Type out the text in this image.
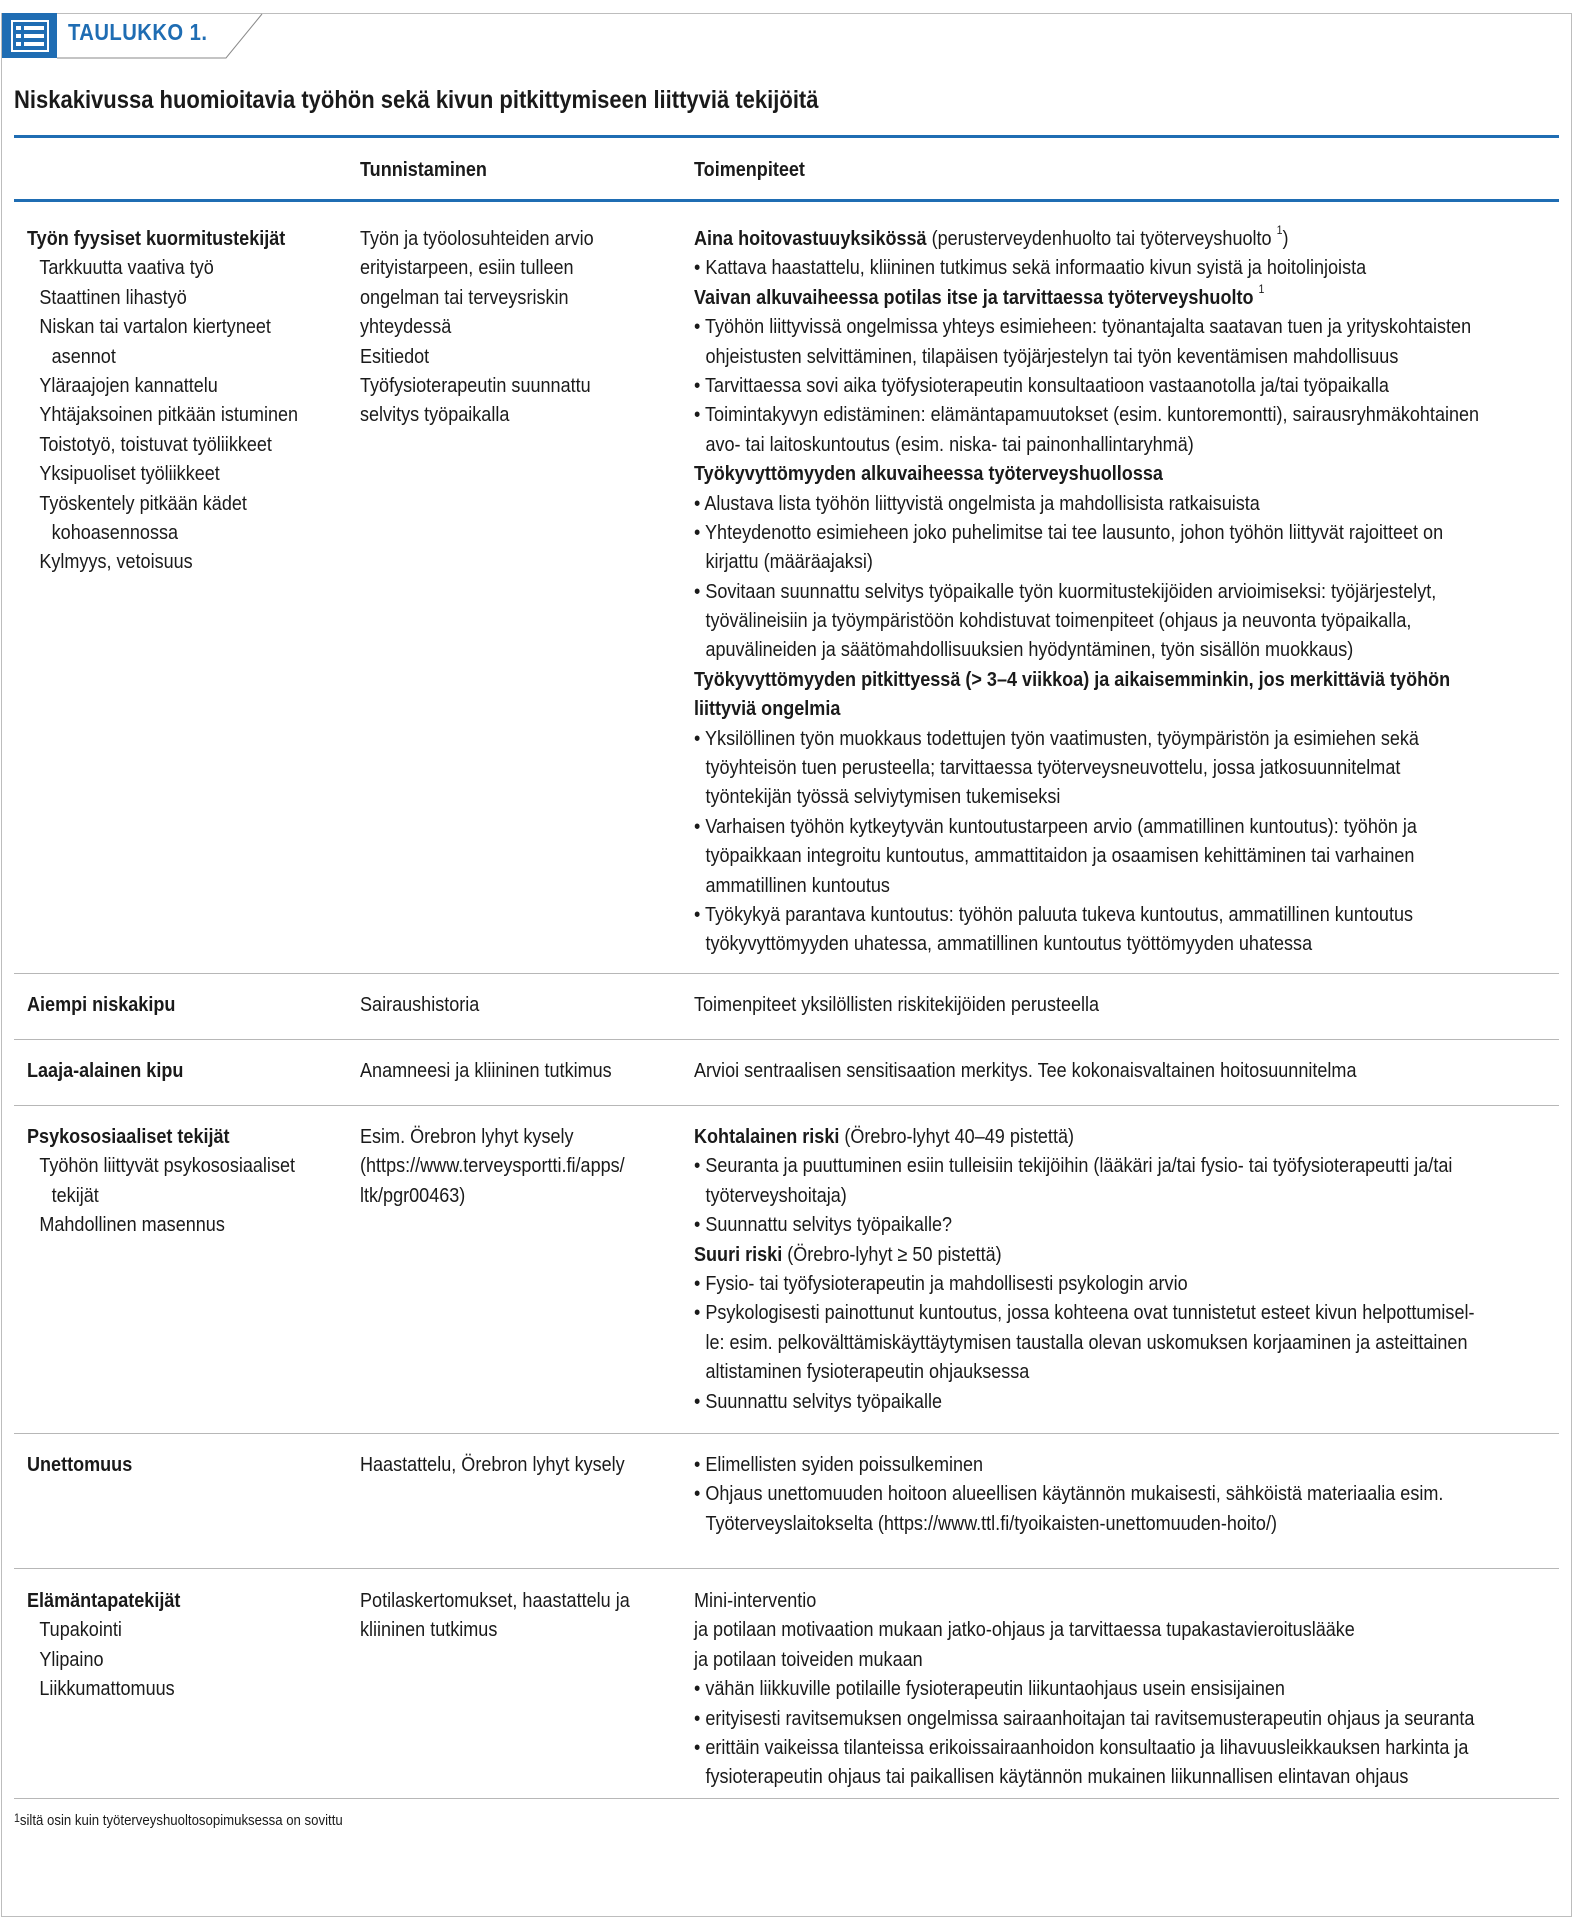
TAULUKKO 1.
Niskakivussa huomioitavia työhön sekä kivun pitkittymiseen liittyviä tekijöitä
Tunnistaminen	Toimenpiteet
Työn fyysiset kuormitustekijät
Tarkkuutta vaativa työ
Staattinen lihastyö
Niskan tai vartalon kiertyneet
asennot
Yläraajojen kannattelu
Yhtäjaksoinen pitkään istuminen
Toistotyö, toistuvat työliikkeet
Yksipuoliset työliikkeet
Työskentely pitkään kädet
kohoasennossa
Kylmyys, vetoisuus
Työn ja työolosuhteiden arvio
erityistarpeen, esiin tulleen
ongelman tai terveysriskin
yhteydessä
Esitiedot
Työfysioterapeutin suunnattu
selvitys työpaikalla
Aina hoitovastuuyksikössä (perusterveydenhuolto tai työterveyshuolto $^1$)
• Kattava haastattelu, kliininen tutkimus sekä informaatio kivun syistä ja hoitolinjoista
Vaivan alkuvaiheessa potilas itse ja tarvittaessa työterveyshuolto $^1$
• Työhön liittyvissä ongelmissa yhteys esimieheen: työnantajalta saatavan tuen ja yrityskohtaisten
ohjeistusten selvittäminen, tilapäisen työjärjestelyn tai työn keventämisen mahdollisuus
• Tarvittaessa sovi aika työfysioterapeutin konsultaatioon vastaanotolla ja/tai työpaikalla
• Toimintakyvyn edistäminen: elämäntapamuutokset (esim. kuntoremontti), sairausryhmäkohtainen
avo- tai laitoskuntoutus (esim. niska- tai painonhallintaryhmä)
Työkyvyttömyyden alkuvaiheessa työterveyshuollossa
• Alustava lista työhön liittyvistä ongelmista ja mahdollisista ratkaisuista
• Yhteydenotto esimieheen joko puhelimitse tai tee lausunto, johon työhön liittyvät rajoitteet on
kirjattu (määräajaksi)
• Sovitaan suunnattu selvitys työpaikalle työn kuormitustekijöiden arvioimiseksi: työjärjestelyt,
työvälineisiin ja työympäristöön kohdistuvat toimenpiteet (ohjaus ja neuvonta työpaikalla,
apuvälineiden ja säätömahdollisuuksien hyödyntäminen, työn sisällön muokkaus)
Työkyvyttömyyden pitkittyessä (> 3–4 viikkoa) ja aikaisemminkin, jos merkittäviä työhön
liittyviä ongelmia
• Yksilöllinen työn muokkaus todettujen työn vaatimusten, työympäristön ja esimiehen sekä
työyhteisön tuen perusteella; tarvittaessa työterveysneuvottelu, jossa jatkosuunnitelmat
työntekijän työssä selviytymisen tukemiseksi
• Varhaisen työhön kytkeytyvän kuntoutustarpeen arvio (ammatillinen kuntoutus): työhön ja
työpaikkaan integroitu kuntoutus, ammattitaidon ja osaamisen kehittäminen tai varhainen
ammatillinen kuntoutus
• Työkykyä parantava kuntoutus: työhön paluuta tukeva kuntoutus, ammatillinen kuntoutus
työkyvyttömyyden uhatessa, ammatillinen kuntoutus työttömyyden uhatessa
Aiempi niskakipu	Sairaushistoria	Toimenpiteet yksilöllisten riskitekijöiden perusteella
Laaja-alainen kipu	Anamneesi ja kliininen tutkimus	Arvioi sentraalisen sensitisaation merkitys. Tee kokonaisvaltainen hoitosuunnitelma
Psykososiaaliset tekijät
Työhön liittyvät psykososiaaliset
tekijät
Mahdollinen masennus
Esim. Örebron lyhyt kysely
(https://www.terveysportti.fi/apps/
ltk/pgr00463)
Kohtalainen riski (Örebro-lyhyt 40–49 pistettä)
• Seuranta ja puuttuminen esiin tulleisiin tekijöihin (lääkäri ja/tai fysio- tai työfysioterapeutti ja/tai
työterveyshoitaja)
• Suunnattu selvitys työpaikalle?
Suuri riski (Örebro-lyhyt ≥ 50 pistettä)
• Fysio- tai työfysioterapeutin ja mahdollisesti psykologin arvio
• Psykologisesti painottunut kuntoutus, jossa kohteena ovat tunnistetut esteet kivun helpottumisel-
le: esim. pelkovälttämiskäyttäytymisen taustalla olevan uskomuksen korjaaminen ja asteittainen
altistaminen fysioterapeutin ohjauksessa
• Suunnattu selvitys työpaikalle
Unettomuus	Haastattelu, Örebron lyhyt kysely
•	Elimellisten syiden poissulkeminen
• Ohjaus unettomuuden hoitoon alueellisen käytännön mukaisesti, sähköistä materiaalia esim.
Työterveyslaitokselta (https://www.ttl.fi/tyoikaisten-unettomuuden-hoito/)
Elämäntapatekijät
Tupakointi
Ylipaino
Liikkumattomuus
Potilaskertomukset, haastattelu ja
kliininen tutkimus
Mini-interventio
ja potilaan motivaation mukaan jatko-ohjaus ja tarvittaessa tupakastavieroituslääke
ja potilaan toiveiden mukaan
• vähän liikkuville potilaille fysioterapeutin liikuntaohjaus usein ensisijainen
• erityisesti ravitsemuksen ongelmissa sairaanhoitajan tai ravitsemusterapeutin ohjaus ja seuranta
• erittäin vaikeissa tilanteissa erikoissairaanhoidon konsultaatio ja lihavuusleikkauksen harkinta ja
fysioterapeutin ohjaus tai paikallisen käytännön mukainen liikunnallisen elintavan ohjaus
$^1$siltä osin kuin työterveyshuoltosopimuksessa on sovittu
